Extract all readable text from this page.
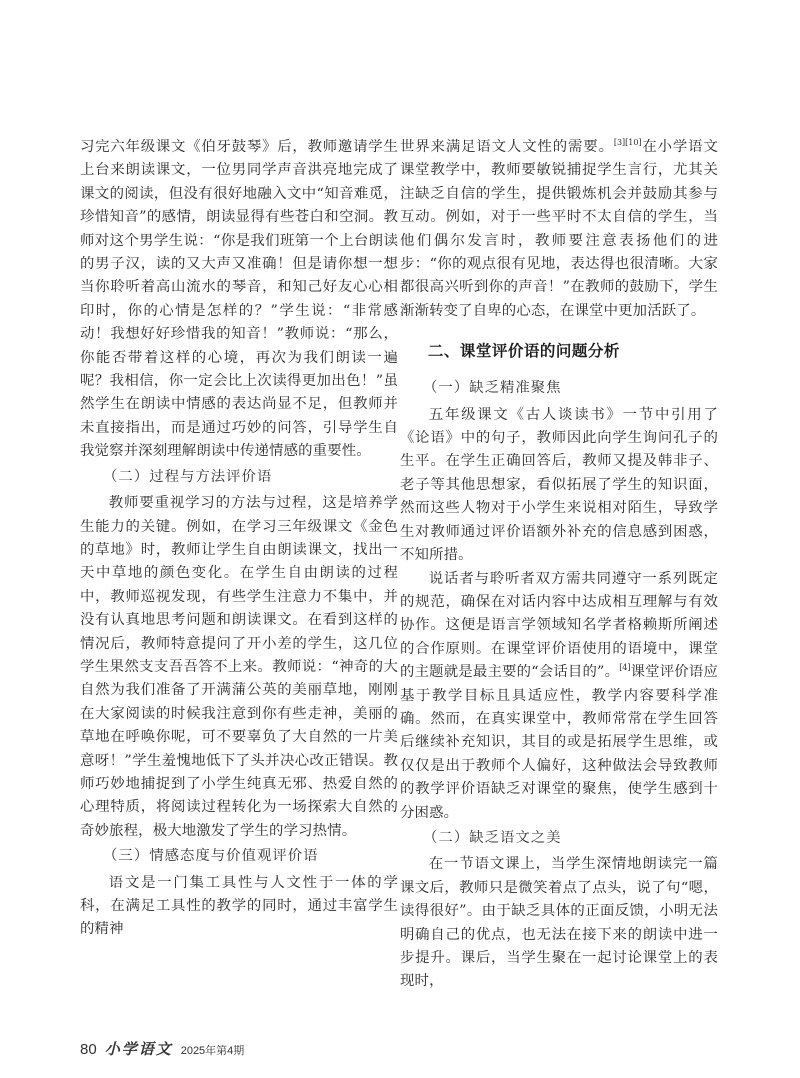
习完六年级课文《伯牙鼓琴》后，教师邀请学生上台来朗读课文，一位男同学声音洪亮地完成了课文的阅读，但没有很好地融入文中“知音难觅，珍惜知音”的感情，朗读显得有些苍白和空洞。教师对这个男学生说：“你是我们班第一个上台朗读的男子汉，读的又大声又准确！但是请你想一想当你聆听着高山流水的琴音，和知己好友心心相印时，你的心情是怎样的？”学生说：“非常感动！我想好好珍惜我的知音！”教师说：“那么，你能否带着这样的心境，再次为我们朗读一遍呢？我相信，你一定会比上次读得更加出色！”虽然学生在朗读中情感的表达尚显不足，但教师并未直接指出，而是通过巧妙的问答，引导学生自我觉察并深刻理解朗读中传递情感的重要性。

（二）过程与方法评价语

教师要重视学习的方法与过程，这是培养学生能力的关键。例如，在学习三年级课文《金色的草地》时，教师让学生自由朗读课文，找出一天中草地的颜色变化。在学生自由朗读的过程中，教师巡视发现，有些学生注意力不集中，并没有认真地思考问题和朗读课文。在看到这样的情况后，教师特意提问了开小差的学生，这几位学生果然支支吾吾答不上来。教师说：“神奇的大自然为我们准备了开满蒲公英的美丽草地，刚刚在大家阅读的时候我注意到你有些走神，美丽的草地在呼唤你呢，可不要辜负了大自然的一片美意呀！”学生羞愧地低下了头并决心改正错误。教师巧妙地捕捉到了小学生纯真无邪、热爱自然的心理特质，将阅读过程转化为一场探索大自然的奇妙旅程，极大地激发了学生的学习热情。

（三）情感态度与价值观评价语

语文是一门集工具性与人文性于一体的学科，在满足工具性的教学的同时，通过丰富学生的精神

世界来满足语文人文性的需要。[3][10]在小学语文课堂教学中，教师要敏锐捕捉学生言行，尤其关注缺乏自信的学生，提供锻炼机会并鼓励其参与互动。例如，对于一些平时不太自信的学生，当他们偶尔发言时，教师要注意表扬他们的进步：“你的观点很有见地，表达得也很清晰。大家都很高兴听到你的声音！”在教师的鼓励下，学生渐渐转变了自卑的心态，在课堂中更加活跃了。

二、课堂评价语的问题分析

（一）缺乏精准聚焦

五年级课文《古人谈读书》一节中引用了《论语》中的句子，教师因此向学生询问孔子的生平。在学生正确回答后，教师又提及韩非子、老子等其他思想家，看似拓展了学生的知识面，然而这些人物对于小学生来说相对陌生，导致学生对教师通过评价语额外补充的信息感到困惑，不知所措。

说话者与聆听者双方需共同遵守一系列既定的规范，确保在对话内容中达成相互理解与有效协作。这便是语言学领域知名学者格赖斯所阐述的合作原则。在课堂评价语使用的语境中，课堂的主题就是最主要的“会话目的”。[4]课堂评价语应基于教学目标且具适应性，教学内容要科学准确。然而，在真实课堂中，教师常常在学生回答后继续补充知识，其目的或是拓展学生思维，或仅仅是出于教师个人偏好，这种做法会导致教师的教学评价语缺乏对课堂的聚焦，使学生感到十分困惑。

（二）缺乏语文之美

在一节语文课上，当学生深情地朗读完一篇课文后，教师只是微笑着点了点头，说了句“嗯，读得很好”。由于缺乏具体的正面反馈，小明无法明确自己的优点，也无法在接下来的朗读中进一步提升。课后，当学生聚在一起讨论课堂上的表现时，

80 小学语文 2025年第4期
